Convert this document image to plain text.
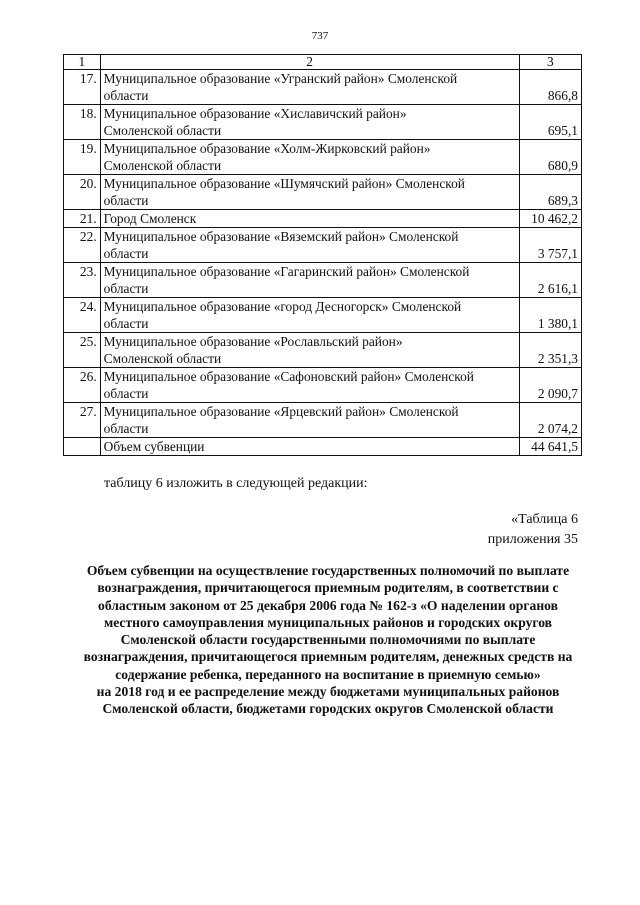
737
1	2	3
17.	Муниципальное образование «Угранский район» Смоленской
области	866,8
18.	Муниципальное образование «Хиславичский район»
Смоленской области	695,1
19.	Муниципальное образование «Холм-Жирковский район»
Смоленской области	680,9
20.	Муниципальное образование «Шумячский район» Смоленской
области	689,3
21.	Город Смоленск	10 462,2
22.	Муниципальное образование «Вяземский район» Смоленской
области	3 757,1
23.	Муниципальное образование «Гагаринский район» Смоленской
области	2 616,1
24.	Муниципальное образование «город Десногорск» Смоленской
области	1 380,1
25.	Муниципальное образование «Рославльский район»
Смоленской области	2 351,3
26.	Муниципальное образование «Сафоновский район» Смоленской
области	2 090,7
27.	Муниципальное образование «Ярцевский район» Смоленской
области	2 074,2
	Объем субвенции	44 641,5
таблицу 6 изложить в следующей редакции:
«Таблица 6
приложения 35
Объем субвенции на осуществление государственных полномочий по выплате
вознаграждения, причитающегося приемным родителям, в соответствии с
областным законом от 25 декабря 2006 года № 162-з «О наделении органов
местного самоуправления муниципальных районов и городских округов
Смоленской области государственными полномочиями по выплате
вознаграждения, причитающегося приемным родителям, денежных средств на
содержание ребенка, переданного на воспитание в приемную семью»
на 2018 год и ее распределение между бюджетами муниципальных районов
Смоленской области, бюджетами городских округов Смоленской области
